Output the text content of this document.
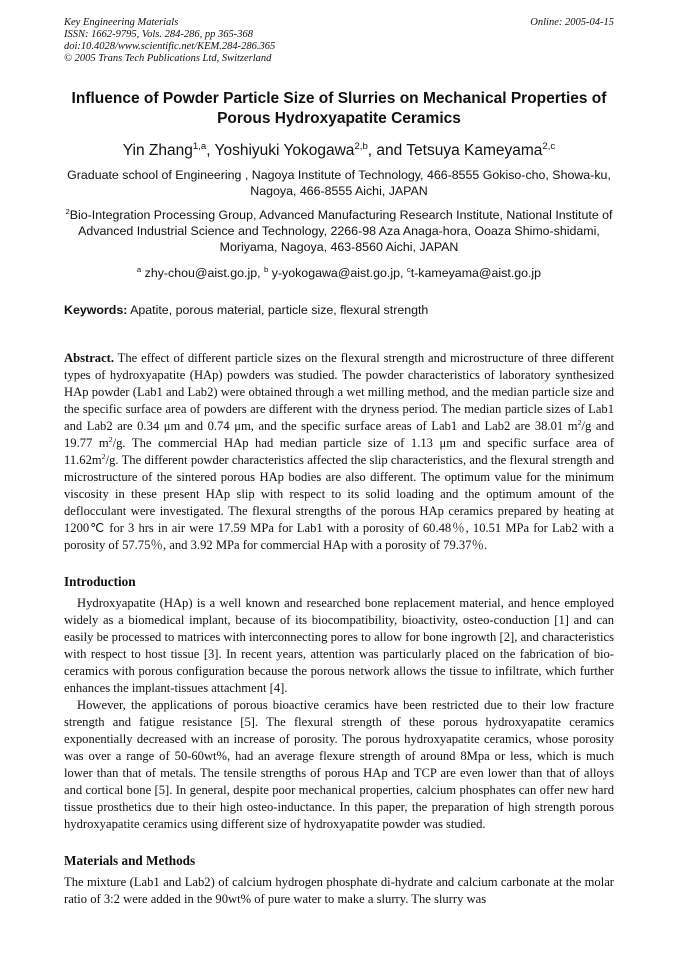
Key Engineering Materials
ISSN: 1662-9795, Vols. 284-286, pp 365-368
doi:10.4028/www.scientific.net/KEM.284-286.365
© 2005 Trans Tech Publications Ltd, Switzerland
Online: 2005-04-15
Influence of Powder Particle Size of Slurries on Mechanical Properties of Porous Hydroxyapatite Ceramics
Yin Zhang$^{1,a}$, Yoshiyuki Yokogawa$^{2,b}$, and Tetsuya Kameyama$^{2,c}$
Graduate school of Engineering , Nagoya Institute of Technology, 466-8555 Gokiso-cho, Showa-ku, Nagoya, 466-8555 Aichi, JAPAN
$^2$Bio-Integration Processing Group, Advanced Manufacturing Research Institute, National Institute of Advanced Industrial Science and Technology, 2266-98 Aza Anaga-hora, Ooaza Shimo-shidami, Moriyama, Nagoya, 463-8560 Aichi, JAPAN
$^a$ zhy-chou@aist.go.jp, $^b$ y-yokogawa@aist.go.jp, $^c$t-kameyama@aist.go.jp

Keywords: Apatite, porous material, particle size, flexural strength

Abstract. The effect of different particle sizes on the flexural strength and microstructure of three different types of hydroxyapatite (HAp) powders was studied. The powder characteristics of laboratory synthesized HAp powder (Lab1 and Lab2) were obtained through a wet milling method, and the median particle size and the specific surface area of powders are different with the dryness period. The median particle sizes of Lab1 and Lab2 are 0.34 μm and 0.74 μm, and the specific surface areas of Lab1 and Lab2 are 38.01 $m^2/g$ and 19.77 $m^2/g$. The commercial HAp had median particle size of 1.13 μm and specific surface area of $11.62m^2/g$. The different powder characteristics affected the slip characteristics, and the flexural strength and microstructure of the sintered porous HAp bodies are also different. The optimum value for the minimum viscosity in these present HAp slip with respect to its solid loading and the optimum amount of the deflocculant were investigated. The flexural strengths of the porous HAp ceramics prepared by heating at 1200℃ for 3 hrs in air were 17.59 MPa for Lab1 with a porosity of 60.48％, 10.51 MPa for Lab2 with a porosity of 57.75％, and 3.92 MPa for commercial HAp with a porosity of 79.37％.

Introduction

Hydroxyapatite (HAp) is a well known and researched bone replacement material, and hence employed widely as a biomedical implant, because of its biocompatibility, bioactivity, osteo-conduction [1] and can easily be processed to matrices with interconnecting pores to allow for bone ingrowth [2], and characteristics with respect to host tissue [3]. In recent years, attention was particularly placed on the fabrication of bio-ceramics with porous configuration because the porous network allows the tissue to infiltrate, which further enhances the implant-tissues attachment [4].

However, the applications of porous bioactive ceramics have been restricted due to their low fracture strength and fatigue resistance [5]. The flexural strength of these porous hydroxyapatite ceramics exponentially decreased with an increase of porosity. The porous hydroxyapatite ceramics, whose porosity was over a range of 50-60wt%, had an average flexure strength of around 8Mpa or less, which is much lower than that of metals. The tensile strengths of porous HAp and TCP are even lower than that of alloys and cortical bone [5]. In general, despite poor mechanical properties, calcium phosphates can offer new hard tissue prosthetics due to their high osteo-inductance. In this paper, the preparation of high strength porous hydroxyapatite ceramics using different size of hydroxyapatite powder was studied.

Materials and Methods

The mixture (Lab1 and Lab2) of calcium hydrogen phosphate di-hydrate and calcium carbonate at the molar ratio of 3:2 were added in the 90wt% of pure water to make a slurry. The slurry was
